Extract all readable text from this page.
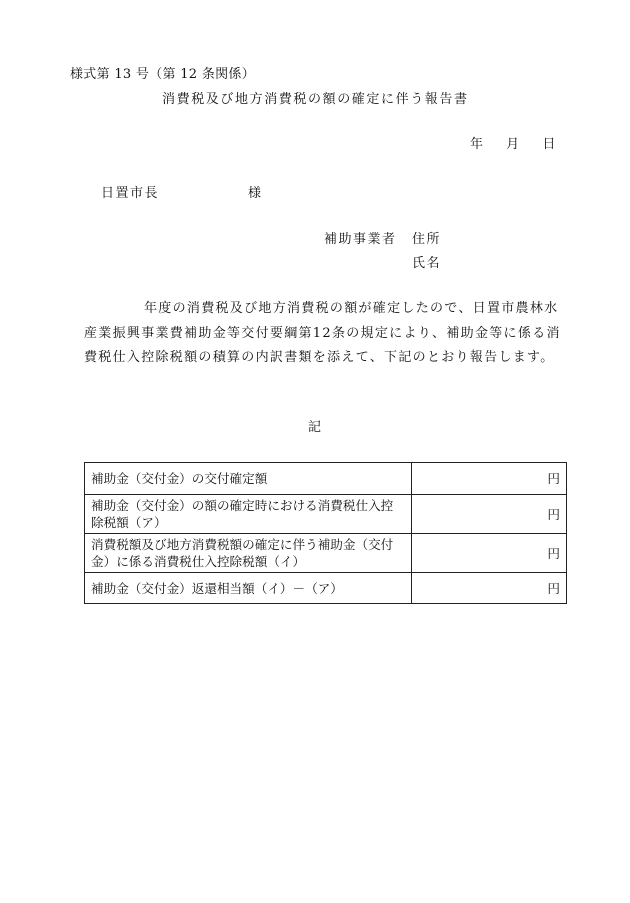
様式第 13 号（第 12 条関係）
消費税及び地方消費税の額の確定に伴う報告書
年 月 日
日置市長	様
補助事業者 住所
氏名

年度の消費税及び地方消費税の額が確定したので、日置市農林水産業振興事業費補助金等交付要綱第12条の規定により、補助金等に係る消費税仕入控除税額の積算の内訳書類を添えて、下記のとおり報告します。

記
補助金（交付金）の交付確定額	円
補助金（交付金）の額の確定時における消費税仕入控除税額（ア）	円
消費税額及び地方消費税額の確定に伴う補助金（交付金）に係る消費税仕入控除税額（イ）	円
補助金（交付金）返還相当額（イ）－（ア）	円
